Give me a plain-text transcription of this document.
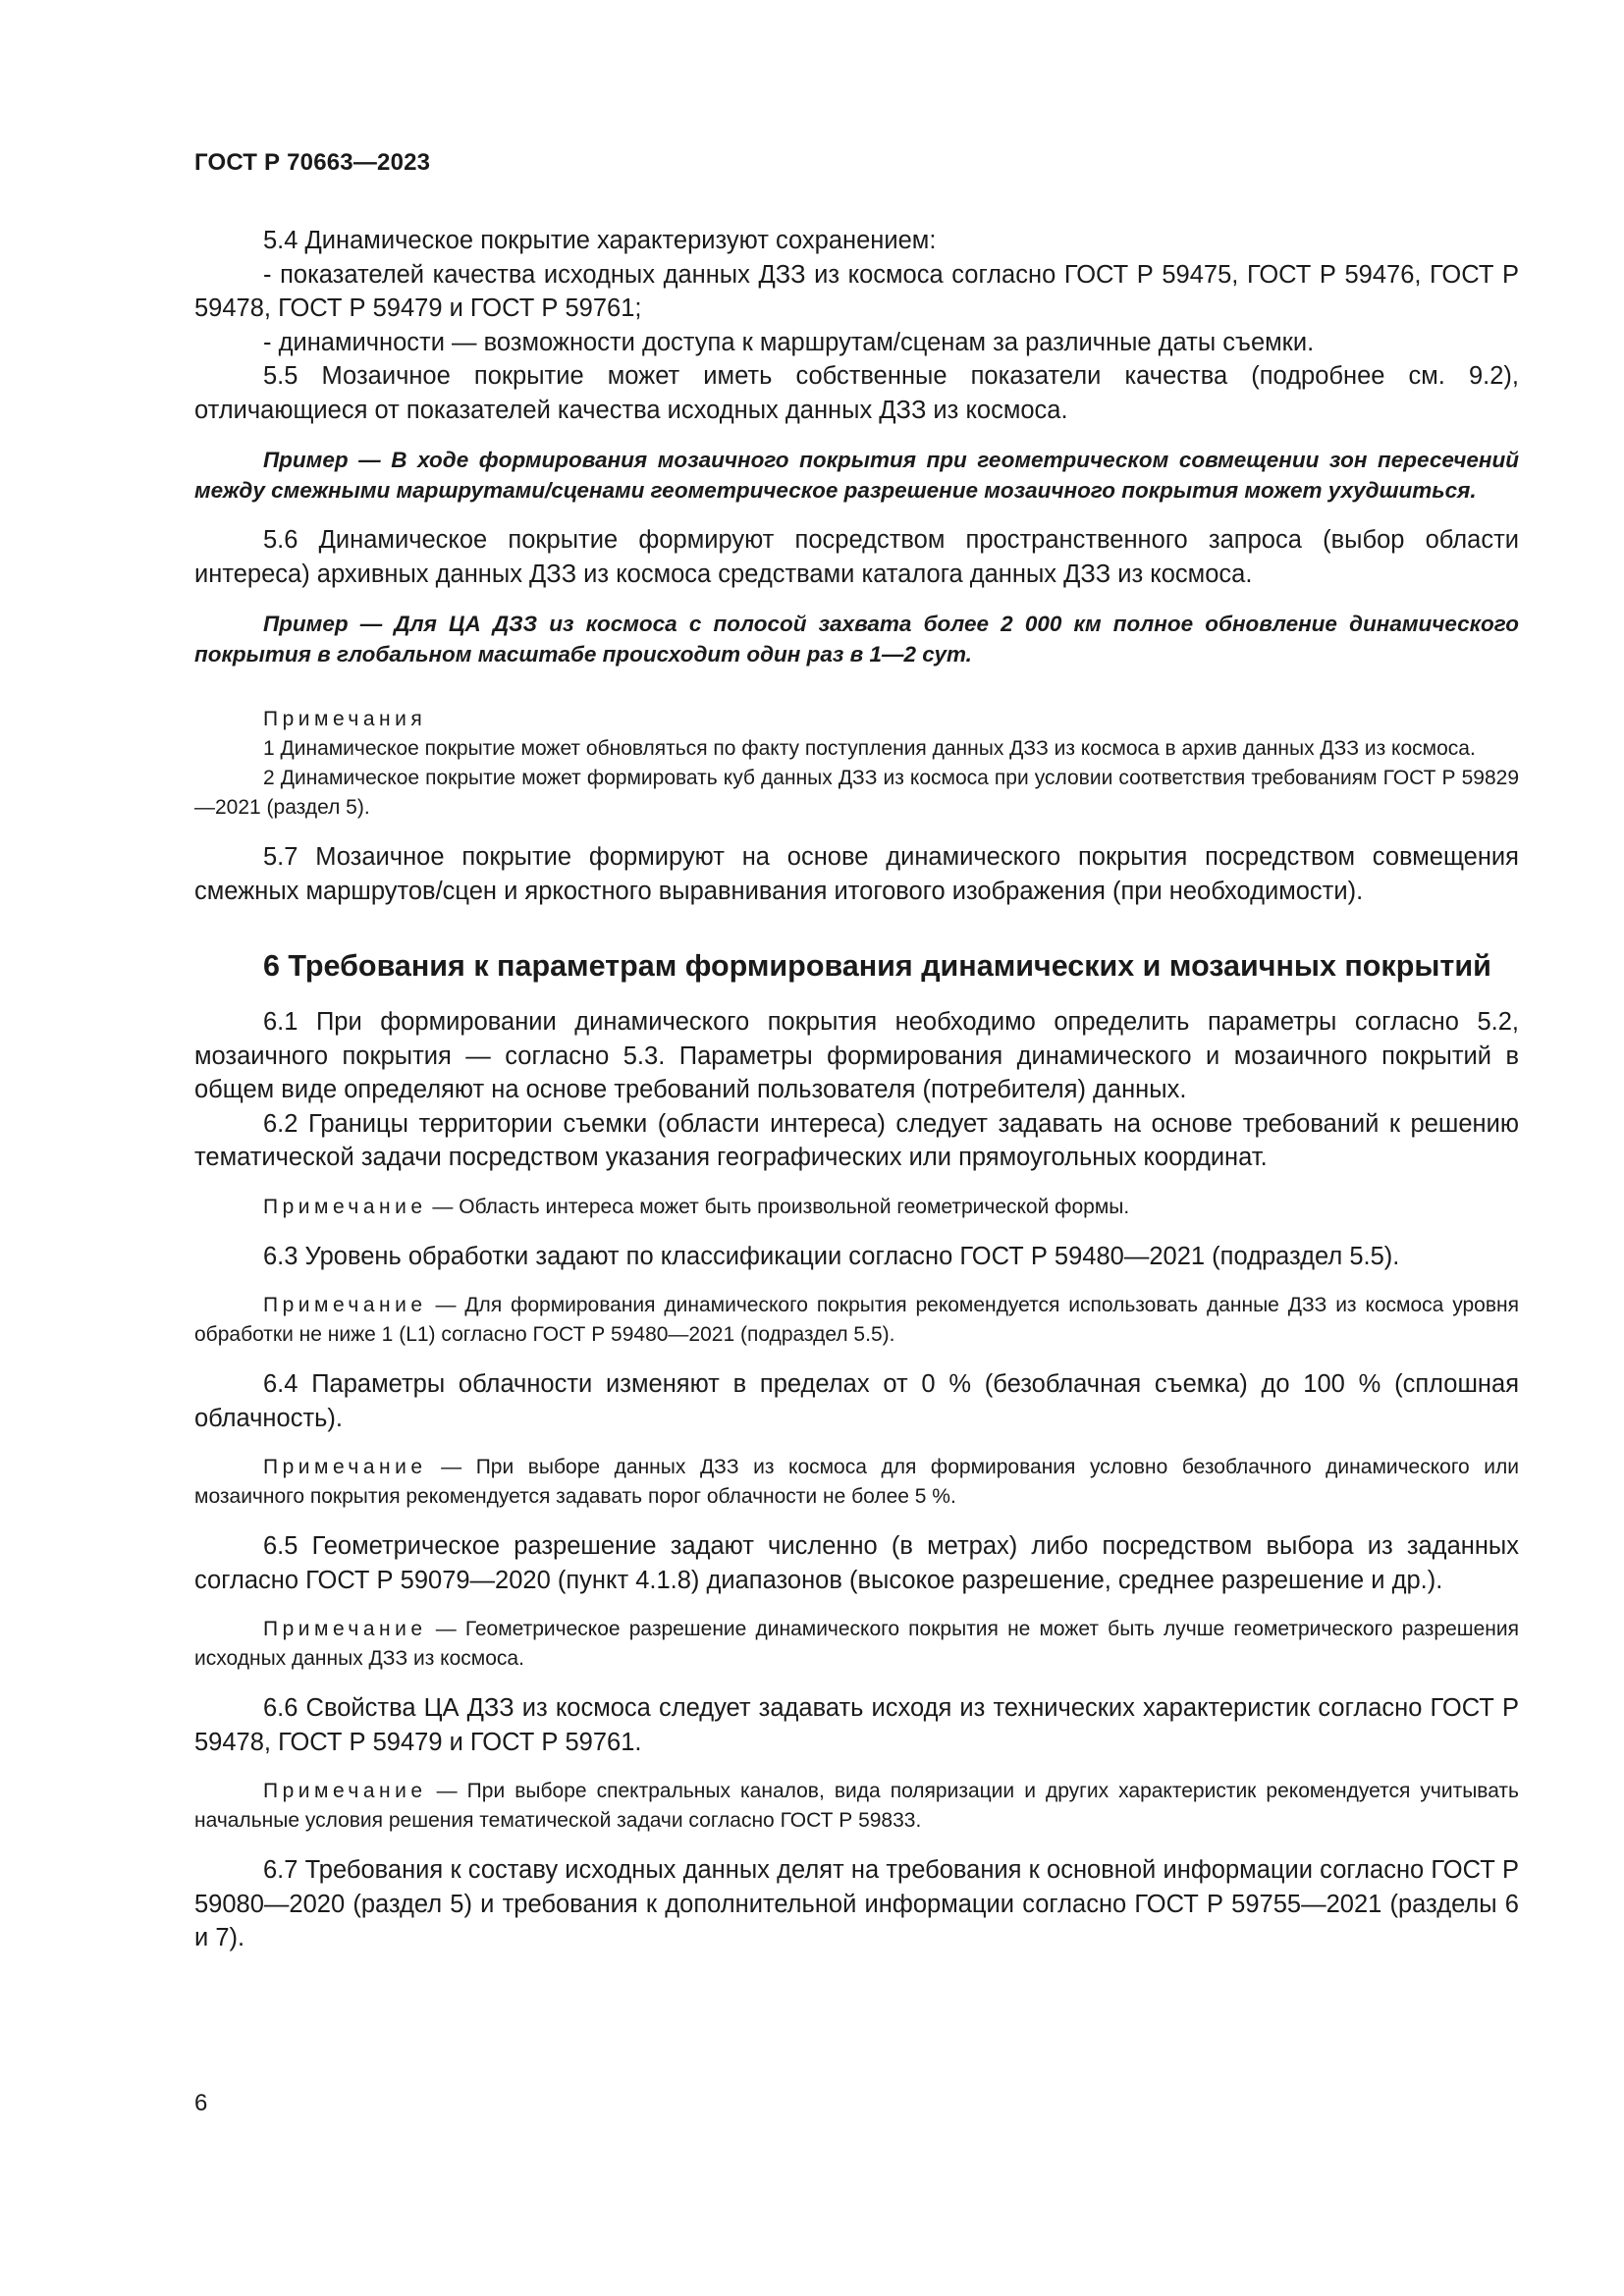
ГОСТ Р 70663—2023

5.4 Динамическое покрытие характеризуют сохранением:

- показателей качества исходных данных ДЗЗ из космоса согласно ГОСТ Р 59475, ГОСТ Р 59476, ГОСТ Р 59478, ГОСТ Р 59479 и ГОСТ Р 59761;

- динамичности — возможности доступа к маршрутам/сценам за различные даты съемки.

5.5 Мозаичное покрытие может иметь собственные показатели качества (подробнее см. 9.2), отличающиеся от показателей качества исходных данных ДЗЗ из космоса.

Пример — В ходе формирования мозаичного покрытия при геометрическом совмещении зон пересечений между смежными маршрутами/сценами геометрическое разрешение мозаичного покрытия может ухудшиться.

5.6 Динамическое покрытие формируют посредством пространственного запроса (выбор области интереса) архивных данных ДЗЗ из космоса средствами каталога данных ДЗЗ из космоса.

Пример — Для ЦА ДЗЗ из космоса с полосой захвата более 2 000 км полное обновление динамического покрытия в глобальном масштабе происходит один раз в 1—2 сут.

Примечания

1 Динамическое покрытие может обновляться по факту поступления данных ДЗЗ из космоса в архив данных ДЗЗ из космоса.

2 Динамическое покрытие может формировать куб данных ДЗЗ из космоса при условии соответствия требованиям ГОСТ Р 59829—2021 (раздел 5).

5.7 Мозаичное покрытие формируют на основе динамического покрытия посредством совмещения смежных маршрутов/сцен и яркостного выравнивания итогового изображения (при необходимости).

6 Требования к параметрам формирования динамических и мозаичных покрытий

6.1 При формировании динамического покрытия необходимо определить параметры согласно 5.2, мозаичного покрытия — согласно 5.3. Параметры формирования динамического и мозаичного покрытий в общем виде определяют на основе требований пользователя (потребителя) данных.

6.2 Границы территории съемки (области интереса) следует задавать на основе требований к решению тематической задачи посредством указания географических или прямоугольных координат.

Примечание — Область интереса может быть произвольной геометрической формы.

6.3 Уровень обработки задают по классификации согласно ГОСТ Р 59480—2021 (подраздел 5.5).

Примечание — Для формирования динамического покрытия рекомендуется использовать данные ДЗЗ из космоса уровня обработки не ниже 1 (L1) согласно ГОСТ Р 59480—2021 (подраздел 5.5).

6.4 Параметры облачности изменяют в пределах от 0 % (безоблачная съемка) до 100 % (сплошная облачность).

Примечание — При выборе данных ДЗЗ из космоса для формирования условно безоблачного динамического или мозаичного покрытия рекомендуется задавать порог облачности не более 5 %.

6.5 Геометрическое разрешение задают численно (в метрах) либо посредством выбора из заданных согласно ГОСТ Р 59079—2020 (пункт 4.1.8) диапазонов (высокое разрешение, среднее разрешение и др.).

Примечание — Геометрическое разрешение динамического покрытия не может быть лучше геометрического разрешения исходных данных ДЗЗ из космоса.

6.6 Свойства ЦА ДЗЗ из космоса следует задавать исходя из технических характеристик согласно ГОСТ Р 59478, ГОСТ Р 59479 и ГОСТ Р 59761.

Примечание — При выборе спектральных каналов, вида поляризации и других характеристик рекомендуется учитывать начальные условия решения тематической задачи согласно ГОСТ Р 59833.

6.7 Требования к составу исходных данных делят на требования к основной информации согласно ГОСТ Р 59080—2020 (раздел 5) и требования к дополнительной информации согласно ГОСТ Р 59755—2021 (разделы 6 и 7).

6
